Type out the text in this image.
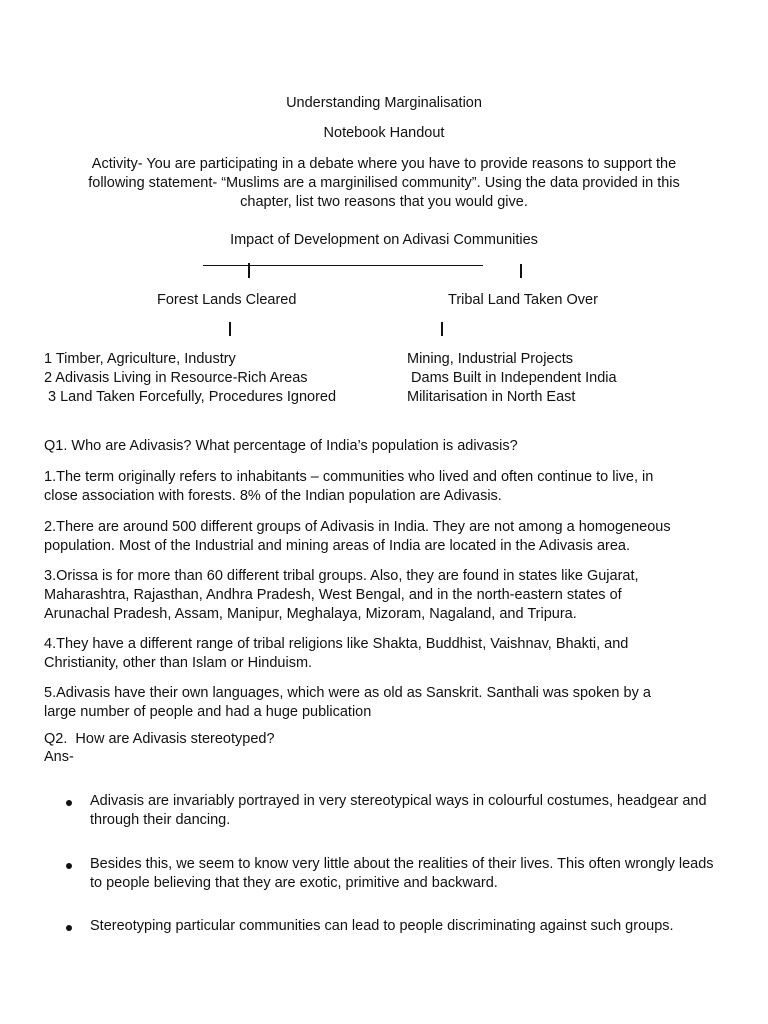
Understanding Marginalisation
Notebook Handout
Activity- You are participating in a debate where you have to provide reasons to support the
following statement- “Muslims are a marginilised community”. Using the data provided in this
chapter, list two reasons that you would give.
Impact of Development on Adivasi Communities
Forest Lands Cleared	Tribal Land Taken Over
1 Timber, Agriculture, Industry
2 Adivasis Living in Resource-Rich Areas
3 Land Taken Forcefully, Procedures Ignored
Mining, Industrial Projects
Dams Built in Independent India
Militarisation in North East
Q1. Who are Adivasis? What percentage of India’s population is adivasis?
1.The term originally refers to inhabitants – communities who lived and often continue to live, in
close association with forests. 8% of the Indian population are Adivasis.
2.There are around 500 different groups of Adivasis in India. They are not among a homogeneous
population. Most of the Industrial and mining areas of India are located in the Adivasis area.
3.Orissa is for more than 60 different tribal groups. Also, they are found in states like Gujarat,
Maharashtra, Rajasthan, Andhra Pradesh, West Bengal, and in the north-eastern states of
Arunachal Pradesh, Assam, Manipur, Meghalaya, Mizoram, Nagaland, and Tripura.
4.They have a different range of tribal religions like Shakta, Buddhist, Vaishnav, Bhakti, and
Christianity, other than Islam or Hinduism.
5.Adivasis have their own languages, which were as old as Sanskrit. Santhali was spoken by a
large number of people and had a huge publication
Q2.  How are Adivasis stereotyped?
Ans-
Adivasis are invariably portrayed in very stereotypical ways in colourful costumes, headgear and through their dancing.
Besides this, we seem to know very little about the realities of their lives. This often wrongly leads to people believing that they are exotic, primitive and backward.
Stereotyping particular communities can lead to people discriminating against such groups.
